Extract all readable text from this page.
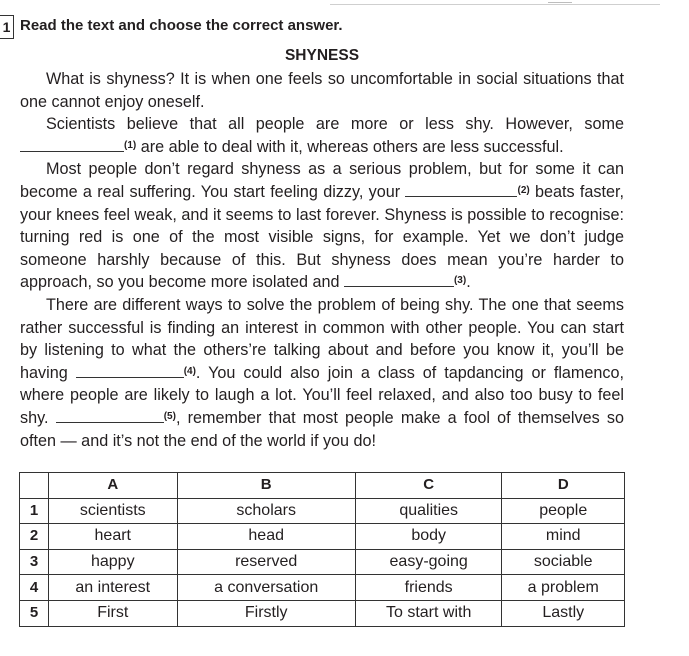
1 Read the text and choose the correct answer.
SHYNESS

What is shyness? It is when one feels so uncomfortable in social situations that one cannot enjoy oneself.

Scientists believe that all people are more or less shy. However, some $^{(1)}$ are able to deal with it, whereas others are less successful.

Most people don’t regard shyness as a serious problem, but for some it can become a real suffering. You start feeling dizzy, your	$^{(2)}$ beats faster, your knees feel weak, and it seems to last forever. Shyness is possible to recognise: turning red is one of the most visible signs, for example. Yet we don’t judge someone harshly because of this. But shyness does mean you’re harder to approach, so you become more isolated and	$^{(3)}$.

There are different ways to solve the problem of being shy. The one that seems rather successful is finding an interest in common with other people. You can start by listening to what the others’re talking about and before you know it, you’ll be having	$^{(4)}$. You could also join a class of tapdancing or flamenco, where people are likely to laugh a lot. You’ll feel relaxed, and also too busy to feel shy.	$^{(5)}$, remember that most people make a fool of themselves so often — and it’s not the end of the world if you do!

	A	B	C	D
1	scientists	scholars	qualities	people
2	heart	head	body	mind
3	happy	reserved	easy-going	sociable
4	an interest	a conversation	friends	a problem
5	First	Firstly	To start with	Lastly
